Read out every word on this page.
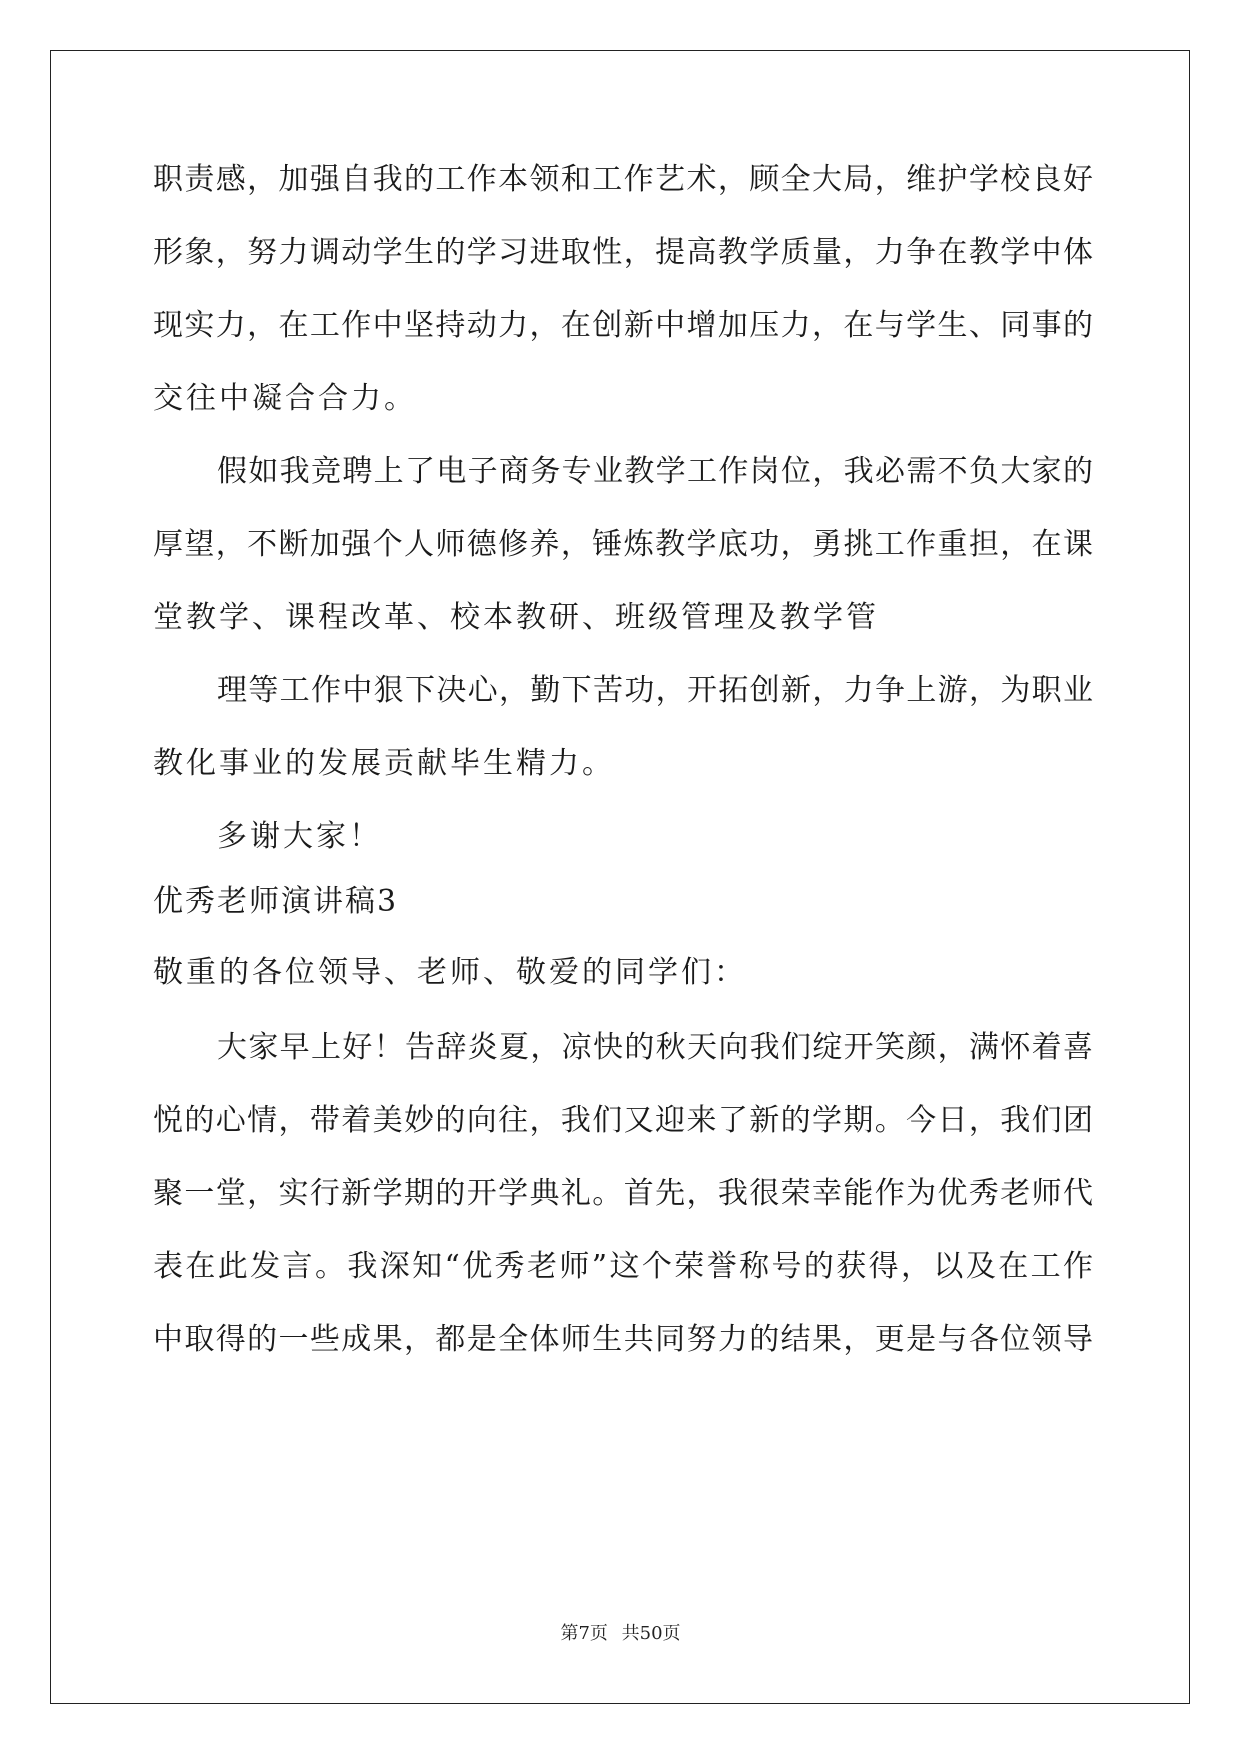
职责感，加强自我的工作本领和工作艺术，顾全大局，维护学校良好
形象，努力调动学生的学习进取性，提高教学质量，力争在教学中体
现实力，在工作中坚持动力，在创新中增加压力，在与学生、同事的
交往中凝合合力。
假如我竞聘上了电子商务专业教学工作岗位，我必需不负大家的
厚望，不断加强个人师德修养，锤炼教学底功，勇挑工作重担，在课
堂教学、课程改革、校本教研、班级管理及教学管
理等工作中狠下决心，勤下苦功，开拓创新，力争上游，为职业
教化事业的发展贡献毕生精力。
多谢大家！
优秀老师演讲稿3
敬重的各位领导、老师、敬爱的同学们：
大家早上好！告辞炎夏，凉快的秋天向我们绽开笑颜，满怀着喜
悦的心情，带着美妙的向往，我们又迎来了新的学期。今日，我们团
聚一堂，实行新学期的开学典礼。首先，我很荣幸能作为优秀老师代
表在此发言。我深知“优秀老师”这个荣誉称号的获得，以及在工作
中取得的一些成果，都是全体师生共同努力的结果，更是与各位领导
第7页 共50页
